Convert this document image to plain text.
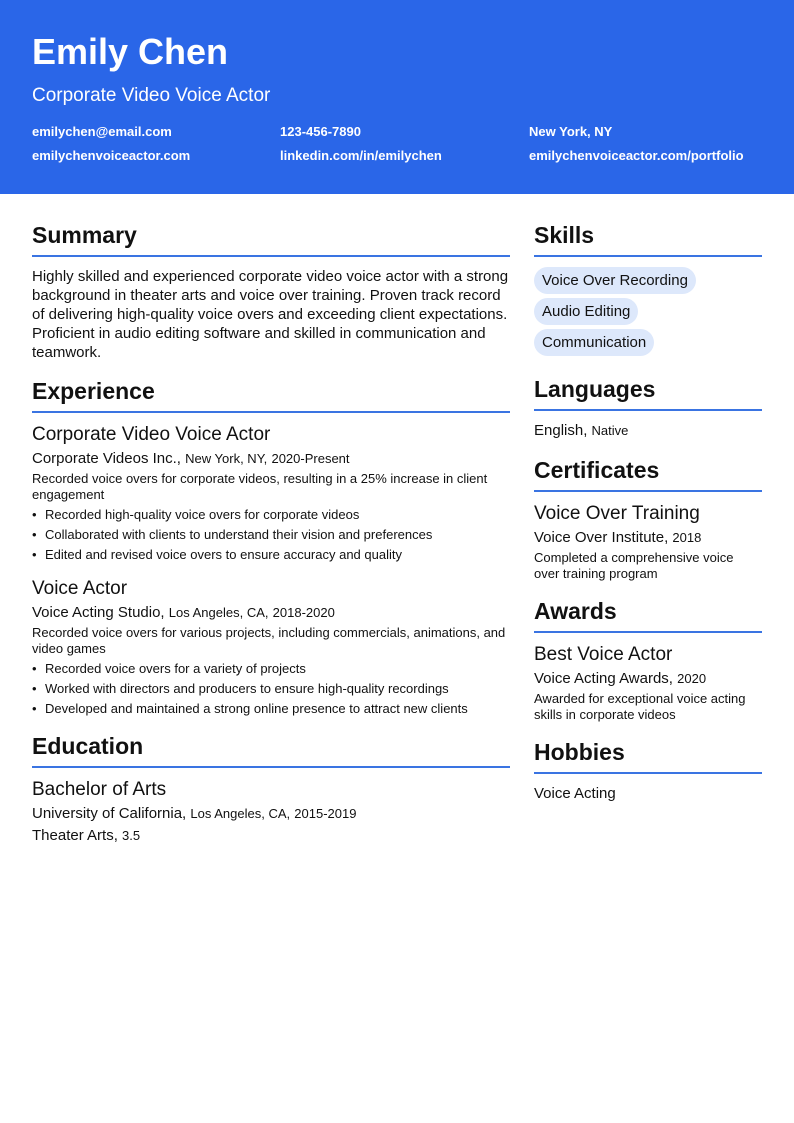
Emily Chen
Corporate Video Voice Actor
emilychen@email.com	123-456-7890	New York, NY
emilychenvoiceactor.com	linkedin.com/in/emilychen	emilychenvoiceactor.com/portfolio
Summary
Highly skilled and experienced corporate video voice actor with a strong background in theater arts and voice over training. Proven track record of delivering high-quality voice overs and exceeding client expectations. Proficient in audio editing software and skilled in communication and teamwork.
Experience
Corporate Video Voice Actor
Corporate Videos Inc., New York, NY, 2020-Present
Recorded voice overs for corporate videos, resulting in a 25% increase in client engagement
• Recorded high-quality voice overs for corporate videos
• Collaborated with clients to understand their vision and preferences
• Edited and revised voice overs to ensure accuracy and quality
Voice Actor
Voice Acting Studio, Los Angeles, CA, 2018-2020
Recorded voice overs for various projects, including commercials, animations, and video games
• Recorded voice overs for a variety of projects
• Worked with directors and producers to ensure high-quality recordings
• Developed and maintained a strong online presence to attract new clients
Education
Bachelor of Arts
University of California, Los Angeles, CA, 2015-2019
Theater Arts, 3.5
Skills
Voice Over Recording
Audio Editing
Communication
Languages
English, Native
Certificates
Voice Over Training
Voice Over Institute, 2018
Completed a comprehensive voice over training program
Awards
Best Voice Actor
Voice Acting Awards, 2020
Awarded for exceptional voice acting skills in corporate videos
Hobbies
Voice Acting
